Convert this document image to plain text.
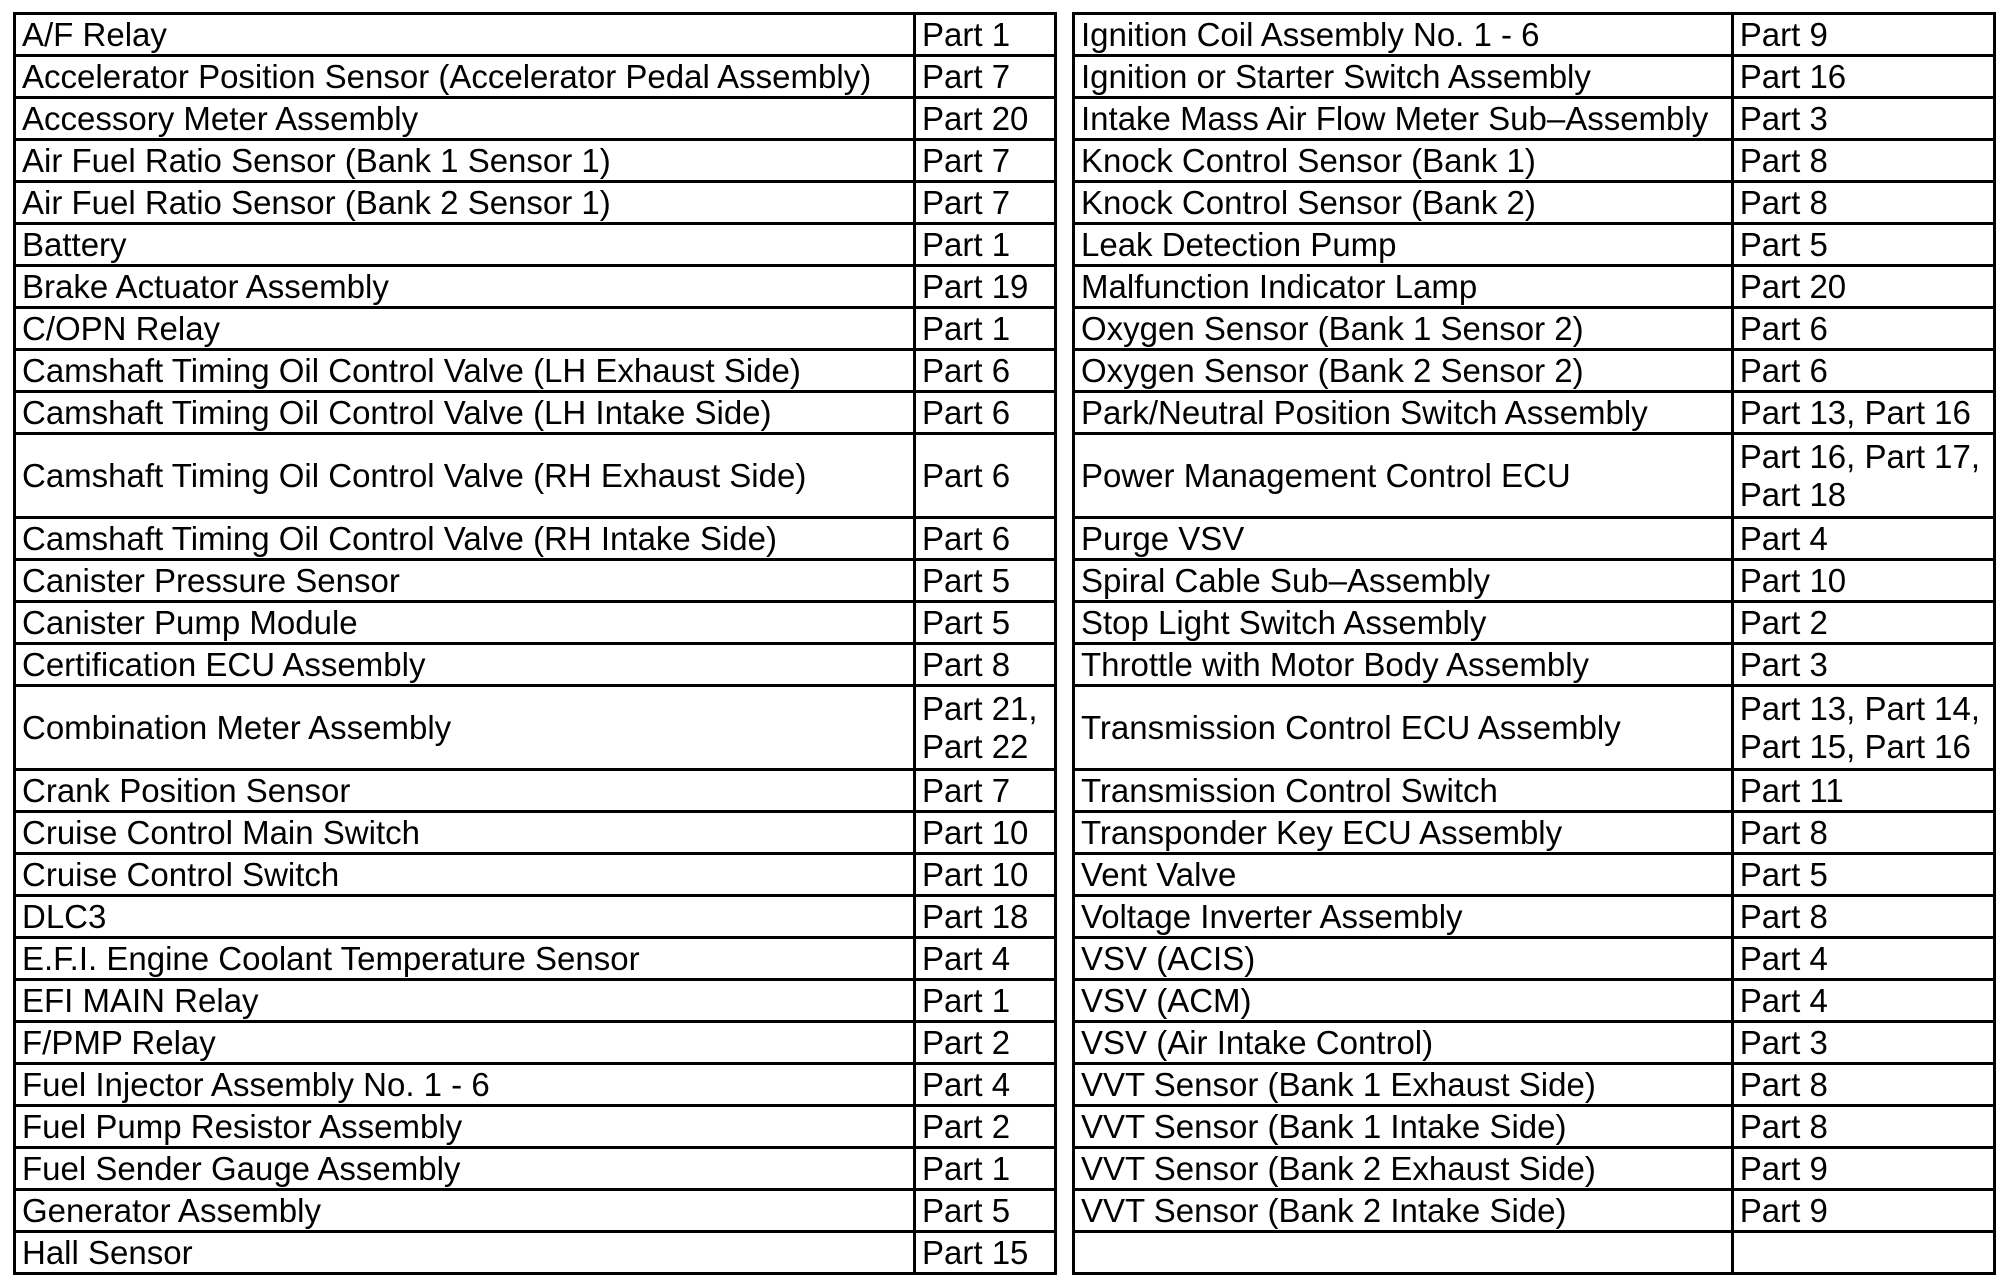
A/F Relay	Part 1
Accelerator Position Sensor (Accelerator Pedal Assembly)	Part 7
Accessory Meter Assembly	Part 20
Air Fuel Ratio Sensor (Bank 1 Sensor 1)	Part 7
Air Fuel Ratio Sensor (Bank 2 Sensor 1)	Part 7
Battery	Part 1
Brake Actuator Assembly	Part 19
C/OPN Relay	Part 1
Camshaft Timing Oil Control Valve (LH Exhaust Side)	Part 6
Camshaft Timing Oil Control Valve (LH Intake Side)	Part 6
Camshaft Timing Oil Control Valve (RH Exhaust Side)	Part 6
Camshaft Timing Oil Control Valve (RH Intake Side)	Part 6
Canister Pressure Sensor	Part 5
Canister Pump Module	Part 5
Certification ECU Assembly	Part 8
Combination Meter Assembly	Part 21, Part 22
Crank Position Sensor	Part 7
Cruise Control Main Switch	Part 10
Cruise Control Switch	Part 10
DLC3	Part 18
E.F.I. Engine Coolant Temperature Sensor	Part 4
EFI MAIN Relay	Part 1
F/PMP Relay	Part 2
Fuel Injector Assembly No. 1 - 6	Part 4
Fuel Pump Resistor Assembly	Part 2
Fuel Sender Gauge Assembly	Part 1
Generator Assembly	Part 5
Hall Sensor	Part 15
Ignition Coil Assembly No. 1 - 6	Part 9
Ignition or Starter Switch Assembly	Part 16
Intake Mass Air Flow Meter Sub–Assembly	Part 3
Knock Control Sensor (Bank 1)	Part 8
Knock Control Sensor (Bank 2)	Part 8
Leak Detection Pump	Part 5
Malfunction Indicator Lamp	Part 20
Oxygen Sensor (Bank 1 Sensor 2)	Part 6
Oxygen Sensor (Bank 2 Sensor 2)	Part 6
Park/Neutral Position Switch Assembly	Part 13, Part 16
Power Management Control ECU	Part 16, Part 17, Part 18
Purge VSV	Part 4
Spiral Cable Sub–Assembly	Part 10
Stop Light Switch Assembly	Part 2
Throttle with Motor Body Assembly	Part 3
Transmission Control ECU Assembly	Part 13, Part 14, Part 15, Part 16
Transmission Control Switch	Part 11
Transponder Key ECU Assembly	Part 8
Vent Valve	Part 5
Voltage Inverter Assembly	Part 8
VSV (ACIS)	Part 4
VSV (ACM)	Part 4
VSV (Air Intake Control)	Part 3
VVT Sensor (Bank 1 Exhaust Side)	Part 8
VVT Sensor (Bank 1 Intake Side)	Part 8
VVT Sensor (Bank 2 Exhaust Side)	Part 9
VVT Sensor (Bank 2 Intake Side)	Part 9
